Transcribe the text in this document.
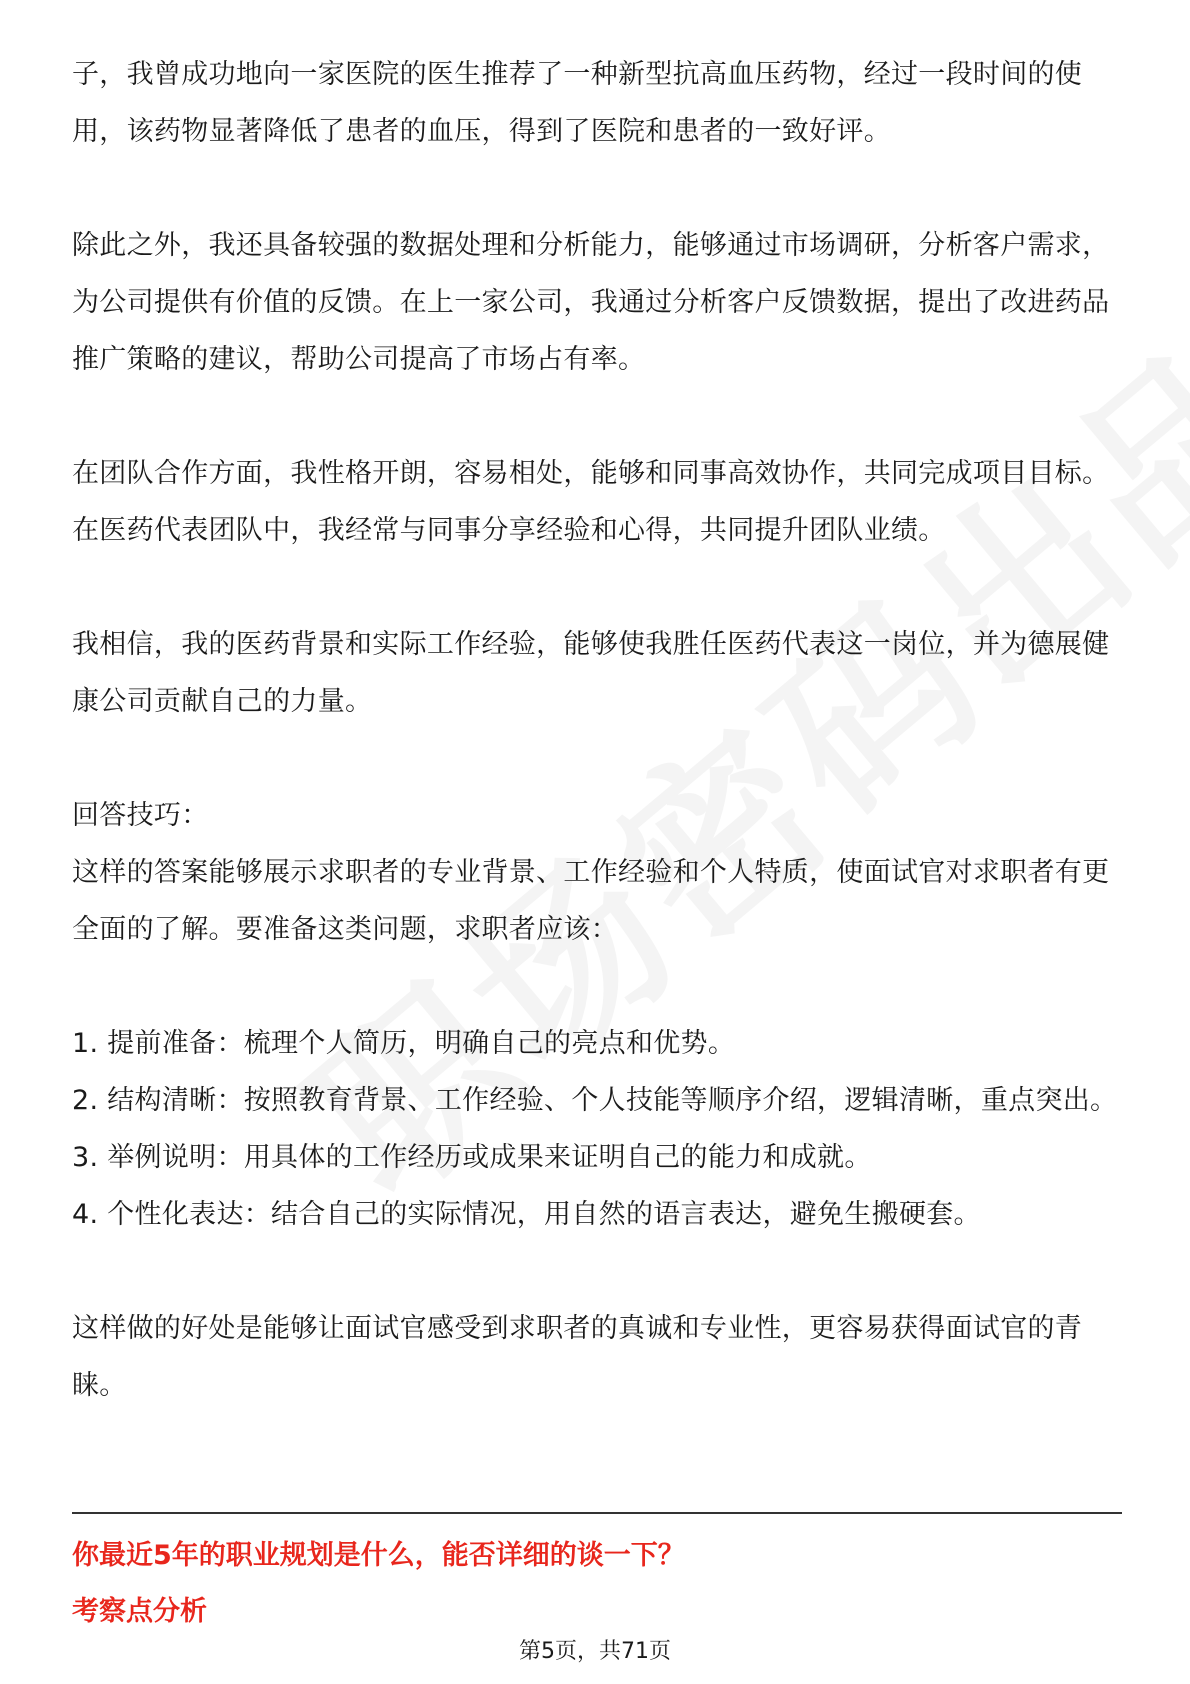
子，我曾成功地向一家医院的医生推荐了一种新型抗高血压药物，经过一段时间的使用，该药物显著降低了患者的血压，得到了医院和患者的一致好评。

除此之外，我还具备较强的数据处理和分析能力，能够通过市场调研，分析客户需求，为公司提供有价值的反馈。在上一家公司，我通过分析客户反馈数据，提出了改进药品推广策略的建议，帮助公司提高了市场占有率。

在团队合作方面，我性格开朗，容易相处，能够和同事高效协作，共同完成项目目标。在医药代表团队中，我经常与同事分享经验和心得，共同提升团队业绩。

我相信，我的医药背景和实际工作经验，能够使我胜任医药代表这一岗位，并为德展健康公司贡献自己的力量。

回答技巧：

这样的答案能够展示求职者的专业背景、工作经验和个人特质，使面试官对求职者有更全面的了解。要准备这类问题，求职者应该：

1. 提前准备：梳理个人简历，明确自己的亮点和优势。

2. 结构清晰：按照教育背景、工作经验、个人技能等顺序介绍，逻辑清晰，重点突出。

3. 举例说明：用具体的工作经历或成果来证明自己的能力和成就。

4. 个性化表达：结合自己的实际情况，用自然的语言表达，避免生搬硬套。

这样做的好处是能够让面试官感受到求职者的真诚和专业性，更容易获得面试官的青睐。

你最近5年的职业规划是什么，能否详细的谈一下？
考察点分析
第5页，共71页
